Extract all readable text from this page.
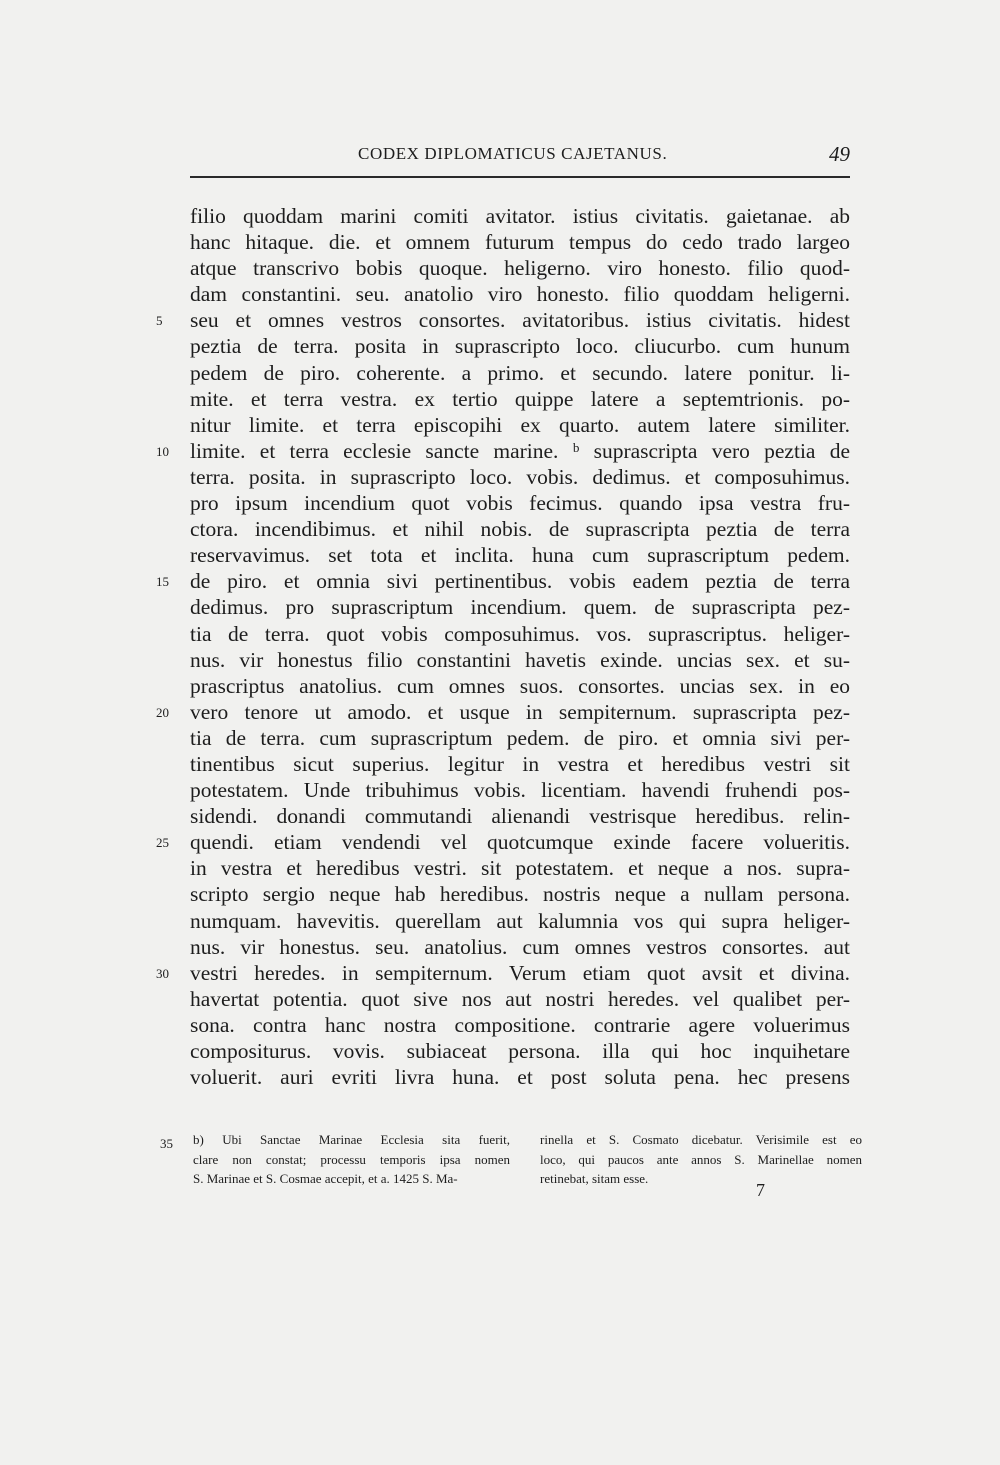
CODEX DIPLOMATICUS CAJETANUS.	49
filio quoddam marini comiti avitator. istius civitatis. gaietanae. ab
hanc hitaque. die. et omnem futurum tempus do cedo trado largeo
atque transcrivo bobis quoque. heligerno. viro honesto. filio quod-
dam constantini. seu. anatolio viro honesto. filio quoddam heligerni.
seu et omnes vestros consortes. avitatoribus. istius civitatis. hidest
5
peztia de terra. posita in suprascripto loco. cliucurbo. cum hunum
pedem de piro. coherente. a primo. et secundo. latere ponitur. li-
mite. et terra vestra. ex tertio quippe latere a septemtrionis. po-
nitur limite. et terra episcopihi ex quarto. autem latere similiter.
limite. et terra ecclesie sancte marine. ᵇ suprascripta vero peztia de
10
terra. posita. in suprascripto loco. vobis. dedimus. et composuhimus.
pro ipsum incendium quot vobis fecimus. quando ipsa vestra fru-
ctora. incendibimus. et nihil nobis. de suprascripta peztia de terra
reservavimus. set tota et inclita. huna cum suprascriptum pedem.
de piro. et omnia sivi pertinentibus. vobis eadem peztia de terra
15
dedimus. pro suprascriptum incendium. quem. de suprascripta pez-
tia de terra. quot vobis composuhimus. vos. suprascriptus. heliger-
nus. vir honestus filio constantini havetis exinde. uncias sex. et su-
prascriptus anatolius. cum omnes suos. consortes. uncias sex. in eo
vero tenore ut amodo. et usque in sempiternum. suprascripta pez-
20
tia de terra. cum suprascriptum pedem. de piro. et omnia sivi per-
tinentibus sicut superius. legitur in vestra et heredibus vestri sit
potestatem. Unde tribuhimus vobis. licentiam. havendi fruhendi pos-
sidendi. donandi commutandi alienandi vestrisque heredibus. relin-
quendi. etiam vendendi vel quotcumque exinde facere volueritis.
25
in vestra et heredibus vestri. sit potestatem. et neque a nos. supra-
scripto sergio neque hab heredibus. nostris neque a nullam persona.
numquam. havevitis. querellam aut kalumnia vos qui supra heliger-
nus. vir honestus. seu. anatolius. cum omnes vestros consortes. aut
vestri heredes. in sempiternum. Verum etiam quot avsit et divina.
30
havertat potentia. quot sive nos aut nostri heredes. vel qualibet per-
sona. contra hanc nostra compositione. contrarie agere voluerimus
compositurus. vovis. subiaceat persona. illa qui hoc inquihetare
voluerit. auri evriti livra huna. et post soluta pena. hec presens
35 b) Ubi Sanctae Marinae Ecclesia sita fuerit,
clare non constat; processu temporis ipsa nomen
S. Marinae et S. Cosmae accepit, et a. 1425 S. Ma-
rinella et S. Cosmato dicebatur. Verisimile est eo
loco, qui paucos ante annos S. Marinellae nomen
retinebat, sitam esse.
7
